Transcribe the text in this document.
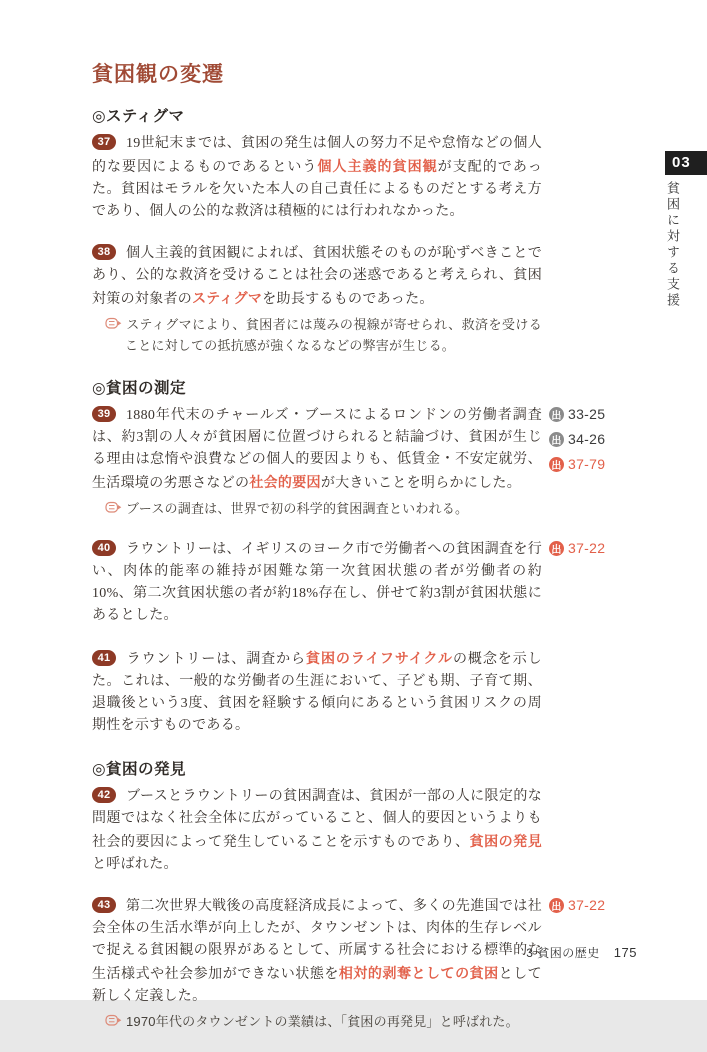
貧困観の変遷
◎スティグマ

37 19世紀末までは、貧困の発生は個人の努力不足や怠惰などの個人的な要因によるものであるという個人主義的貧困観が支配的であった。貧困はモラルを欠いた本人の自己責任によるものだとする考え方であり、個人の公的な救済は積極的には行われなかった。

38 個人主義的貧困観によれば、貧困状態そのものが恥ずべきことであり、公的な救済を受けることは社会の迷惑であると考えられ、貧困対策の対象者のスティグマを助長するものであった。

スティグマにより、貧困者には蔑みの視線が寄せられ、救済を受けることに対しての抵抗感が強くなるなどの弊害が生じる。
◎貧困の測定

39 1880年代末のチャールズ・ブースによるロンドンの労働者調査は、約3割の人々が貧困層に位置づけられると結論づけ、貧困が生じる理由は怠惰や浪費などの個人的要因よりも、低賃金・不安定就労、生活環境の劣悪さなどの社会的要因が大きいことを明らかにした。

ブースの調査は、世界で初の科学的貧困調査といわれる。

40 ラウントリーは、イギリスのヨーク市で労働者への貧困調査を行い、肉体的能率の維持が困難な第一次貧困状態の者が労働者の約10%、第二次貧困状態の者が約18%存在し、併せて約3割が貧困状態にあるとした。

41 ラウントリーは、調査から貧困のライフサイクルの概念を示した。これは、一般的な労働者の生涯において、子ども期、子育て期、退職後という3度、貧困を経験する傾向にあるという貧困リスクの周期性を示すものである。

◎貧困の発見

42 ブースとラウントリーの貧困調査は、貧困が一部の人に限定的な問題ではなく社会全体に広がっていること、個人的要因というよりも社会的要因によって発生していることを示すものであり、貧困の発見と呼ばれた。

43 第二次世界大戦後の高度経済成長によって、多くの先進国では社会全体の生活水準が向上したが、タウンゼントは、肉体的生存レベルで捉える貧困観の限界があるとして、所属する社会における標準的な生活様式や社会参加ができない状態を相対的剥奪としての貧困として新しく定義した。

1970年代のタウンゼントの業績は、「貧困の再発見」と呼ばれた。
出 33-25
出 34-26
出 37-79
出 37-22
出 37-22
03
貧困に対する支援
3 貧困の歴史 175
